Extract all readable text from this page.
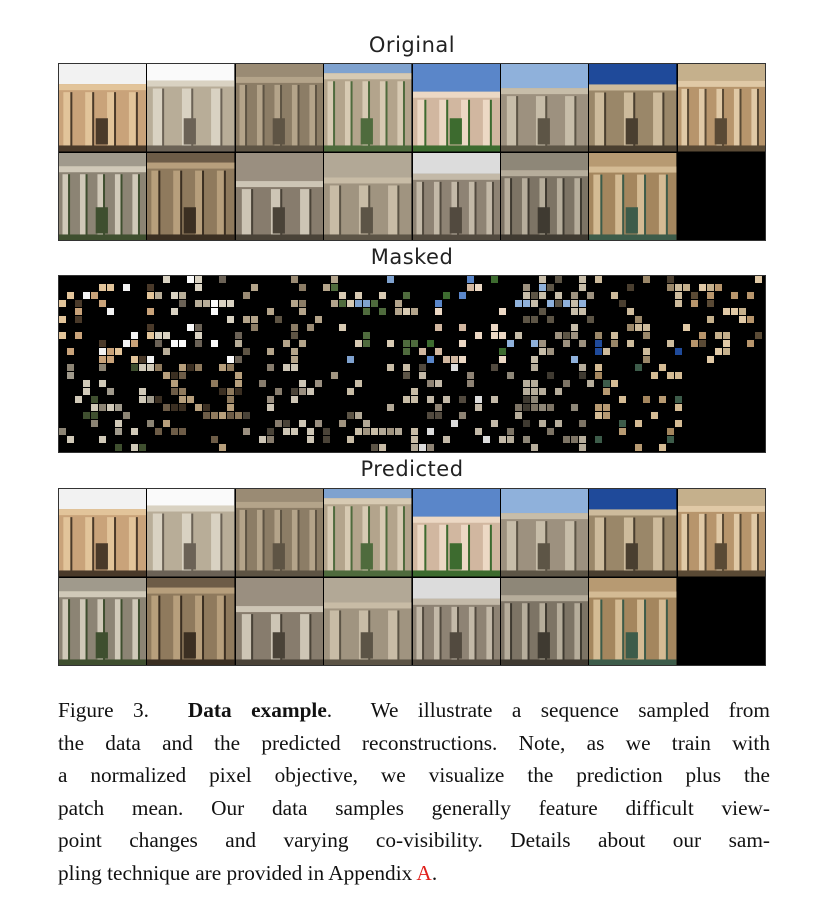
Original
Masked
Predicted
Figure 3. Data example.  We illustrate a sequence sampled from
the data and the predicted reconstructions. Note, as we train with
a normalized pixel objective, we visualize the prediction plus the
patch mean. Our data samples generally feature difficult view-
point changes and varying co-visibility. Details about our sam-
pling technique are provided in Appendix A.
